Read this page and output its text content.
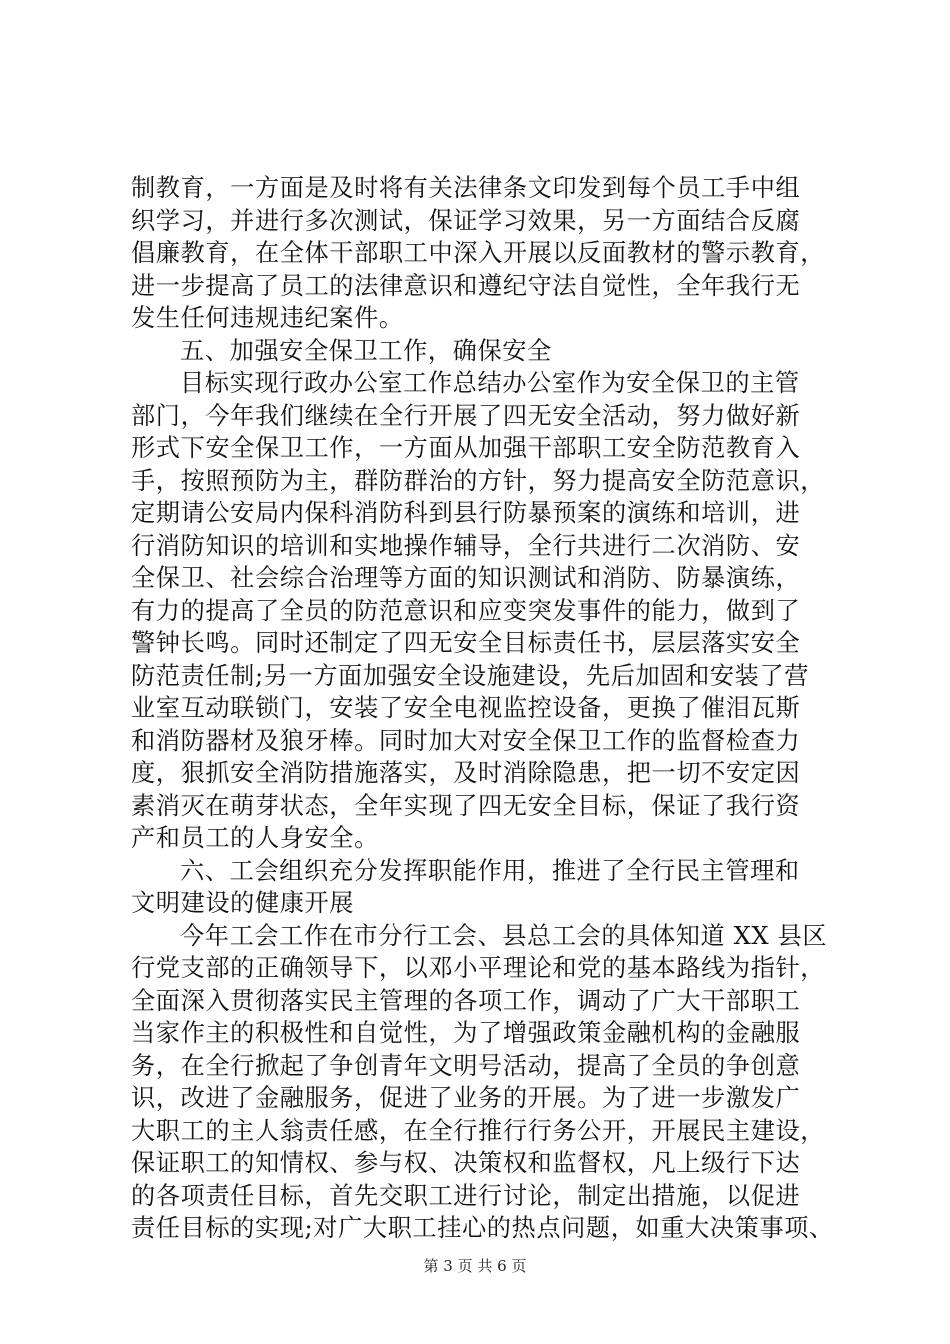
制教育，一方面是及时将有关法律条文印发到每个员工手中组
织学习，并进行多次测试，保证学习效果，另一方面结合反腐
倡廉教育，在全体干部职工中深入开展以反面教材的警示教育，
进一步提高了员工的法律意识和遵纪守法自觉性，全年我行无
发生任何违规违纪案件。
五、加强安全保卫工作，确保安全
目标实现行政办公室工作总结办公室作为安全保卫的主管
部门，今年我们继续在全行开展了四无安全活动，努力做好新
形式下安全保卫工作，一方面从加强干部职工安全防范教育入
手，按照预防为主，群防群治的方针，努力提高安全防范意识，
定期请公安局内保科消防科到县行防暴预案的演练和培训，进
行消防知识的培训和实地操作辅导，全行共进行二次消防、安
全保卫、社会综合治理等方面的知识测试和消防、防暴演练，
有力的提高了全员的防范意识和应变突发事件的能力，做到了
警钟长鸣。同时还制定了四无安全目标责任书，层层落实安全
防范责任制;另一方面加强安全设施建设，先后加固和安装了营
业室互动联锁门，安装了安全电视监控设备，更换了催泪瓦斯
和消防器材及狼牙棒。同时加大对安全保卫工作的监督检查力
度，狠抓安全消防措施落实，及时消除隐患，把一切不安定因
素消灭在萌芽状态，全年实现了四无安全目标，保证了我行资
产和员工的人身安全。
六、工会组织充分发挥职能作用，推进了全行民主管理和
文明建设的健康开展
今年工会工作在市分行工会、县总工会的具体知道 XX 县区
行党支部的正确领导下，以邓小平理论和党的基本路线为指针，
全面深入贯彻落实民主管理的各项工作，调动了广大干部职工
当家作主的积极性和自觉性，为了增强政策金融机构的金融服
务，在全行掀起了争创青年文明号活动，提高了全员的争创意
识，改进了金融服务，促进了业务的开展。为了进一步激发广
大职工的主人翁责任感，在全行推行行务公开，开展民主建设，
保证职工的知情权、参与权、决策权和监督权，凡上级行下达
的各项责任目标，首先交职工进行讨论，制定出措施，以促进
责任目标的实现;对广大职工挂心的热点问题，如重大决策事项、
第 3 页 共 6 页
